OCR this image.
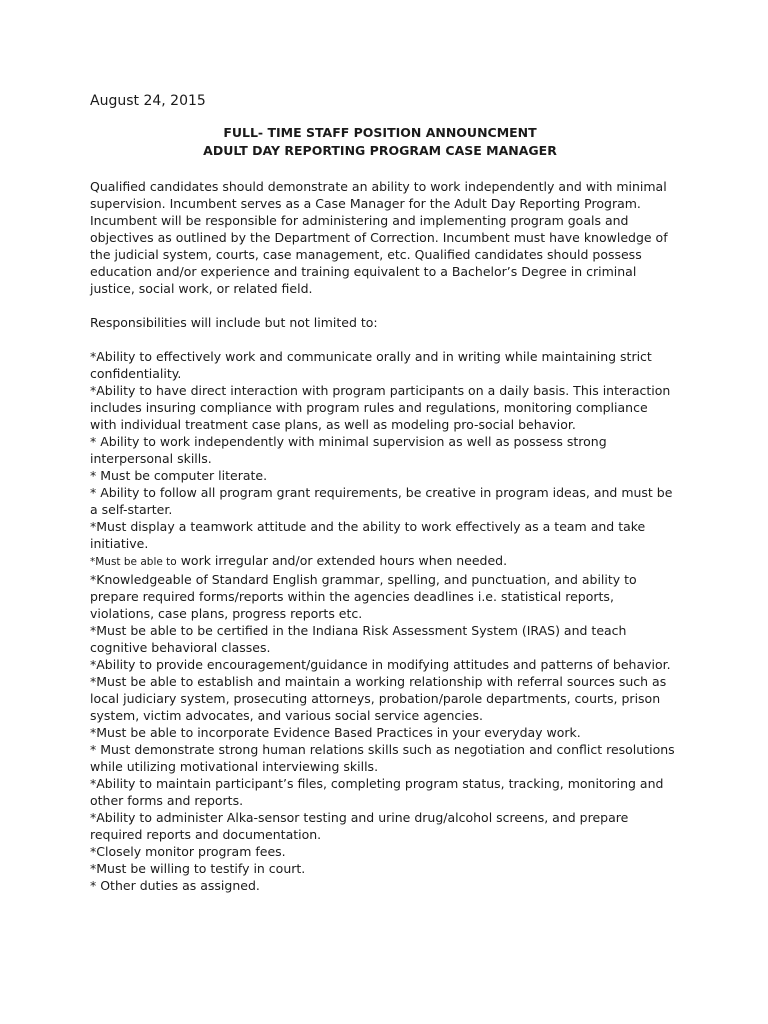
August 24, 2015
FULL- TIME STAFF POSITION ANNOUNCMENT
ADULT DAY REPORTING PROGRAM CASE MANAGER

Qualified candidates should demonstrate an ability to work independently and with minimal

supervision. Incumbent serves as a Case Manager for the Adult Day Reporting Program.

Incumbent will be responsible for administering and implementing program goals and

objectives as outlined by the Department of Correction. Incumbent must have knowledge of

the judicial system, courts, case management, etc. Qualified candidates should possess

education and/or experience and training equivalent to a Bachelor’s Degree in criminal

justice, social work, or related field.

Responsibilities will include but not limited to:

*Ability to effectively work and communicate orally and in writing while maintaining strict

confidentiality.

*Ability to have direct interaction with program participants on a daily basis. This interaction

includes insuring compliance with program rules and regulations, monitoring compliance

with individual treatment case plans, as well as modeling pro-social behavior.

* Ability to work independently with minimal supervision as well as possess strong

interpersonal skills.

* Must be computer literate.

* Ability to follow all program grant requirements, be creative in program ideas, and must be

a self-starter.

*Must display a teamwork attitude and the ability to work effectively as a team and take

initiative.

*Must be able to work irregular and/or extended hours when needed.

*Knowledgeable of Standard English grammar, spelling, and punctuation, and ability to

prepare required forms/reports within the agencies deadlines i.e. statistical reports,

violations, case plans, progress reports etc.

*Must be able to be certified in the Indiana Risk Assessment System (IRAS) and teach

cognitive behavioral classes.

*Ability to provide encouragement/guidance in modifying attitudes and patterns of behavior.

*Must be able to establish and maintain a working relationship with referral sources such as

local judiciary system, prosecuting attorneys, probation/parole departments, courts, prison

system, victim advocates, and various social service agencies.

*Must be able to incorporate Evidence Based Practices in your everyday work.

* Must demonstrate strong human relations skills such as negotiation and conflict resolutions

while utilizing motivational interviewing skills.

*Ability to maintain participant’s files, completing program status, tracking, monitoring and

other forms and reports.

*Ability to administer Alka-sensor testing and urine drug/alcohol screens, and prepare

required reports and documentation.

*Closely monitor program fees.

*Must be willing to testify in court.

* Other duties as assigned.
